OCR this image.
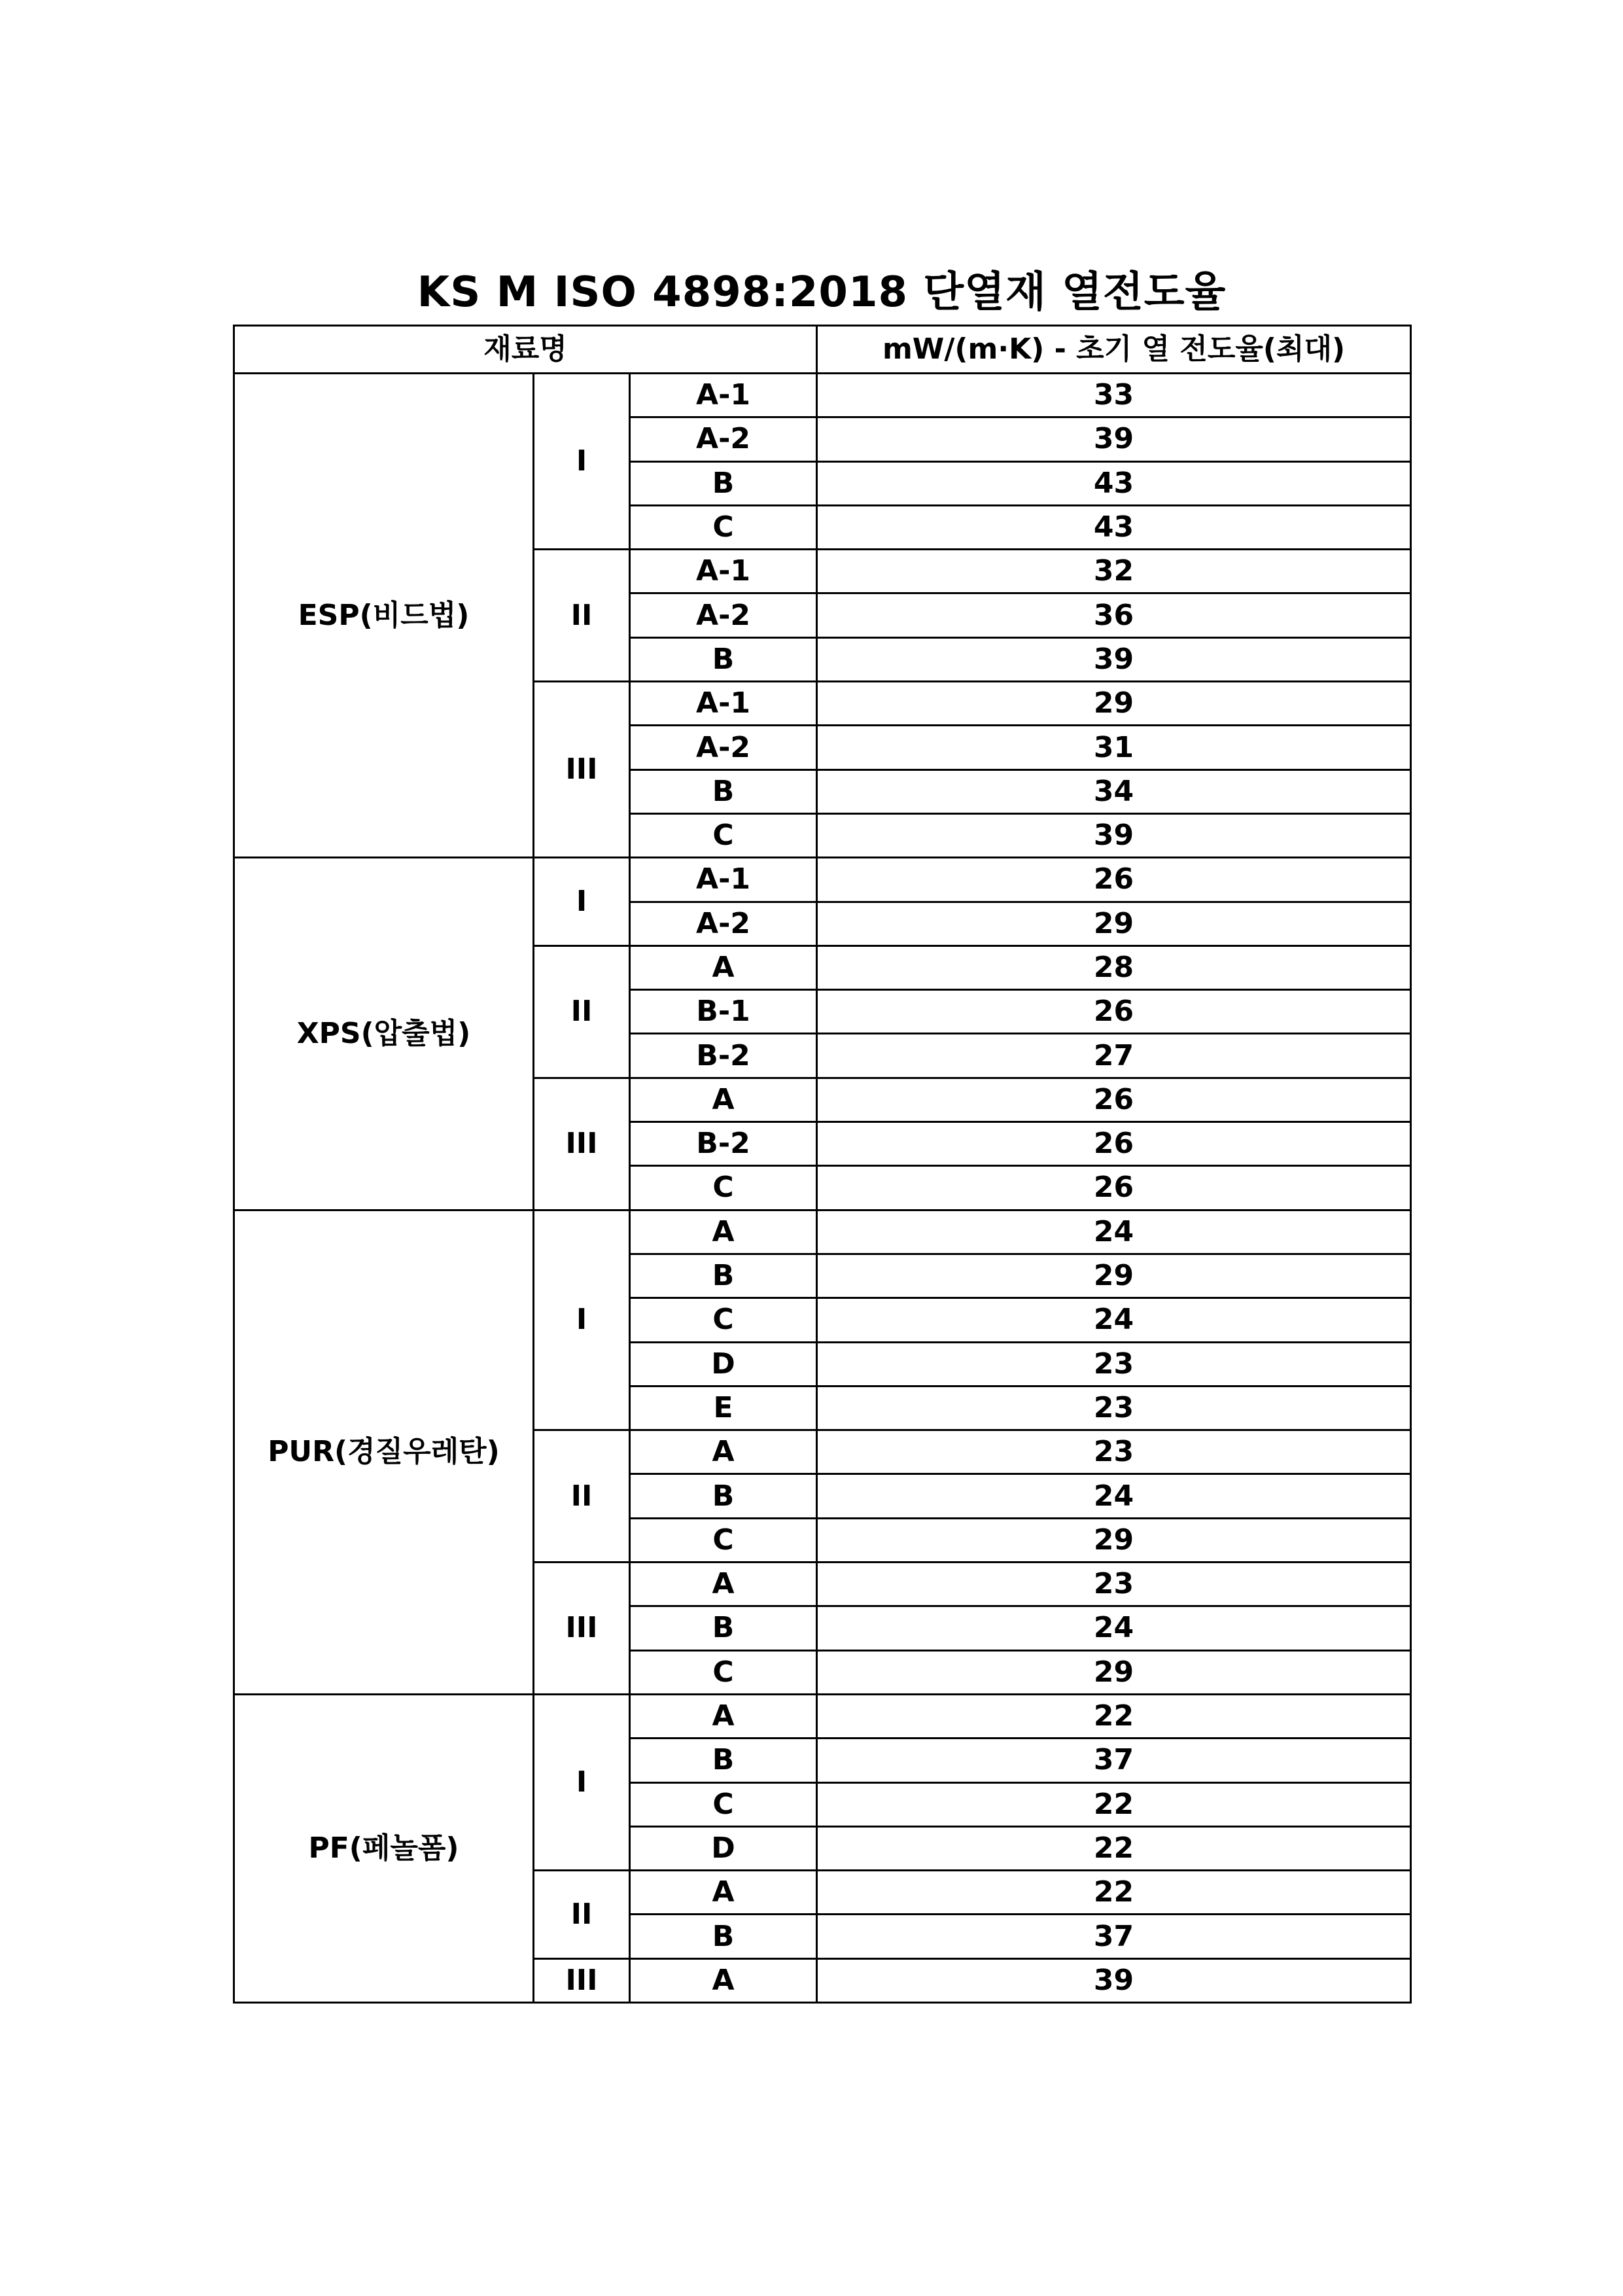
KS M ISO 4898:2018 단열재 열전도율
재료명			mW/(m·K) - 초기 열 전도율(최대)
ESP(비드법)	I	A-1	33
		A-2	39
		B	43
		C	43
	II	A-1	32
		A-2	36
		B	39
	III	A-1	29
		A-2	31
		B	34
		C	39
XPS(압출법)	I	A-1	26
		A-2	29
	II	A	28
		B-1	26
		B-2	27
	III	A	26
		B-2	26
		C	26
PUR(경질우레탄)	I	A	24
		B	29
		C	24
		D	23
		E	23
	II	A	23
		B	24
		C	29
	III	A	23
		B	24
		C	29
PF(페놀폼)	I	A	22
		B	37
		C	22
		D	22
	II	A	22
		B	37
	III	A	39
